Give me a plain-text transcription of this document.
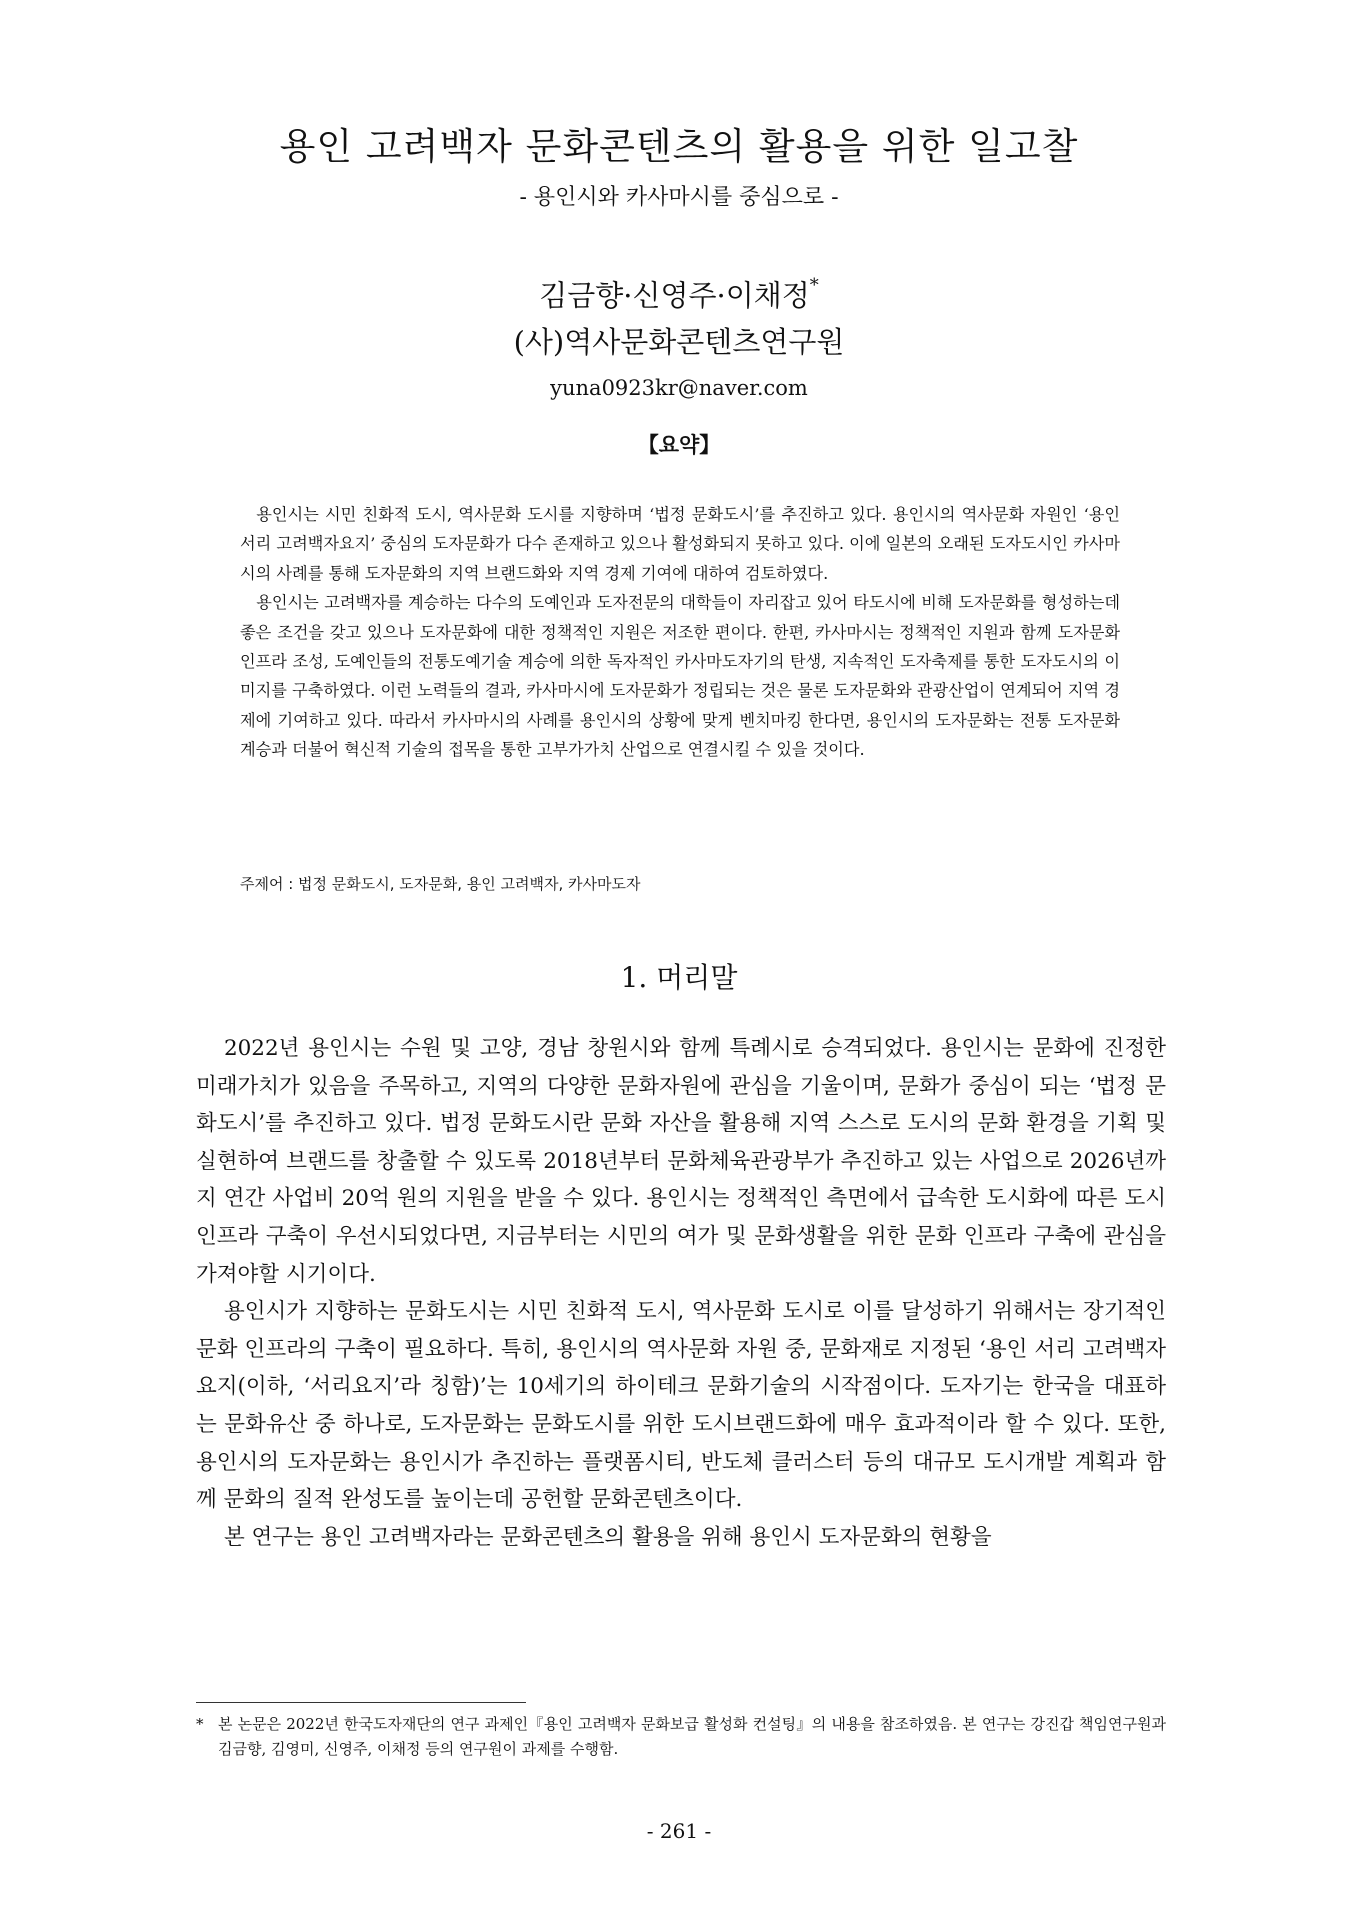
용인 고려백자 문화콘텐츠의 활용을 위한 일고찰
- 용인시와 카사마시를 중심으로 -
김금향·신영주·이채정*
(사)역사문화콘텐츠연구원
yuna0923kr@naver.com
【요약】

용인시는 시민 친화적 도시, 역사문화 도시를 지향하며 ‘법정 문화도시’를 추진하고 있다. 용인시의 역사문화 자원인 ‘용인서리 고려백자요지’ 중심의 도자문화가 다수 존재하고 있으나 활성화되지 못하고 있다. 이에 일본의 오래된 도자도시인 카사마시의 사례를 통해 도자문화의 지역 브랜드화와 지역 경제 기여에 대하여 검토하였다.

용인시는 고려백자를 계승하는 다수의 도예인과 도자전문의 대학들이 자리잡고 있어 타도시에 비해 도자문화를 형성하는데 좋은 조건을 갖고 있으나 도자문화에 대한 정책적인 지원은 저조한 편이다. 한편, 카사마시는 정책적인 지원과 함께 도자문화 인프라 조성, 도예인들의 전통도예기술 계승에 의한 독자적인 카사마도자기의 탄생, 지속적인 도자축제를 통한 도자도시의 이미지를 구축하였다. 이런 노력들의 결과, 카사마시에 도자문화가 정립되는 것은 물론 도자문화와 관광산업이 연계되어 지역 경제에 기여하고 있다. 따라서 카사마시의 사례를 용인시의 상황에 맞게 벤치마킹 한다면, 용인시의 도자문화는 전통 도자문화 계승과 더불어 혁신적 기술의 접목을 통한 고부가가치 산업으로 연결시킬 수 있을 것이다.

주제어 : 법정 문화도시, 도자문화, 용인 고려백자, 카사마도자
1. 머리말

2022년 용인시는 수원 및 고양, 경남 창원시와 함께 특례시로 승격되었다. 용인시는 문화에 진정한 미래가치가 있음을 주목하고, 지역의 다양한 문화자원에 관심을 기울이며, 문화가 중심이 되는 ‘법정 문화도시’를 추진하고 있다. 법정 문화도시란 문화 자산을 활용해 지역 스스로 도시의 문화 환경을 기획 및 실현하여 브랜드를 창출할 수 있도록 2018년부터 문화체육관광부가 추진하고 있는 사업으로 2026년까지 연간 사업비 20억 원의 지원을 받을 수 있다. 용인시는 정책적인 측면에서 급속한 도시화에 따른 도시 인프라 구축이 우선시되었다면, 지금부터는 시민의 여가 및 문화생활을 위한 문화 인프라 구축에 관심을 가져야할 시기이다.

용인시가 지향하는 문화도시는 시민 친화적 도시, 역사문화 도시로 이를 달성하기 위해서는 장기적인 문화 인프라의 구축이 필요하다. 특히, 용인시의 역사문화 자원 중, 문화재로 지정된 ‘용인 서리 고려백자 요지(이하, ‘서리요지’라 칭함)’는 10세기의 하이테크 문화기술의 시작점이다. 도자기는 한국을 대표하는 문화유산 중 하나로, 도자문화는 문화도시를 위한 도시브랜드화에 매우 효과적이라 할 수 있다. 또한, 용인시의 도자문화는 용인시가 추진하는 플랫폼시티, 반도체 클러스터 등의 대규모 도시개발 계획과 함께 문화의 질적 완성도를 높이는데 공헌할 문화콘텐츠이다.

본 연구는 용인 고려백자라는 문화콘텐츠의 활용을 위해 용인시 도자문화의 현황을

* 본 논문은 2022년 한국도자재단의 연구 과제인『용인 고려백자 문화보급 활성화 컨설팅』의 내용을 참조하였음. 본 연구는 강진갑 책임연구원과 김금향, 김영미, 신영주, 이채정 등의 연구원이 과제를 수행함.
- 261 -
